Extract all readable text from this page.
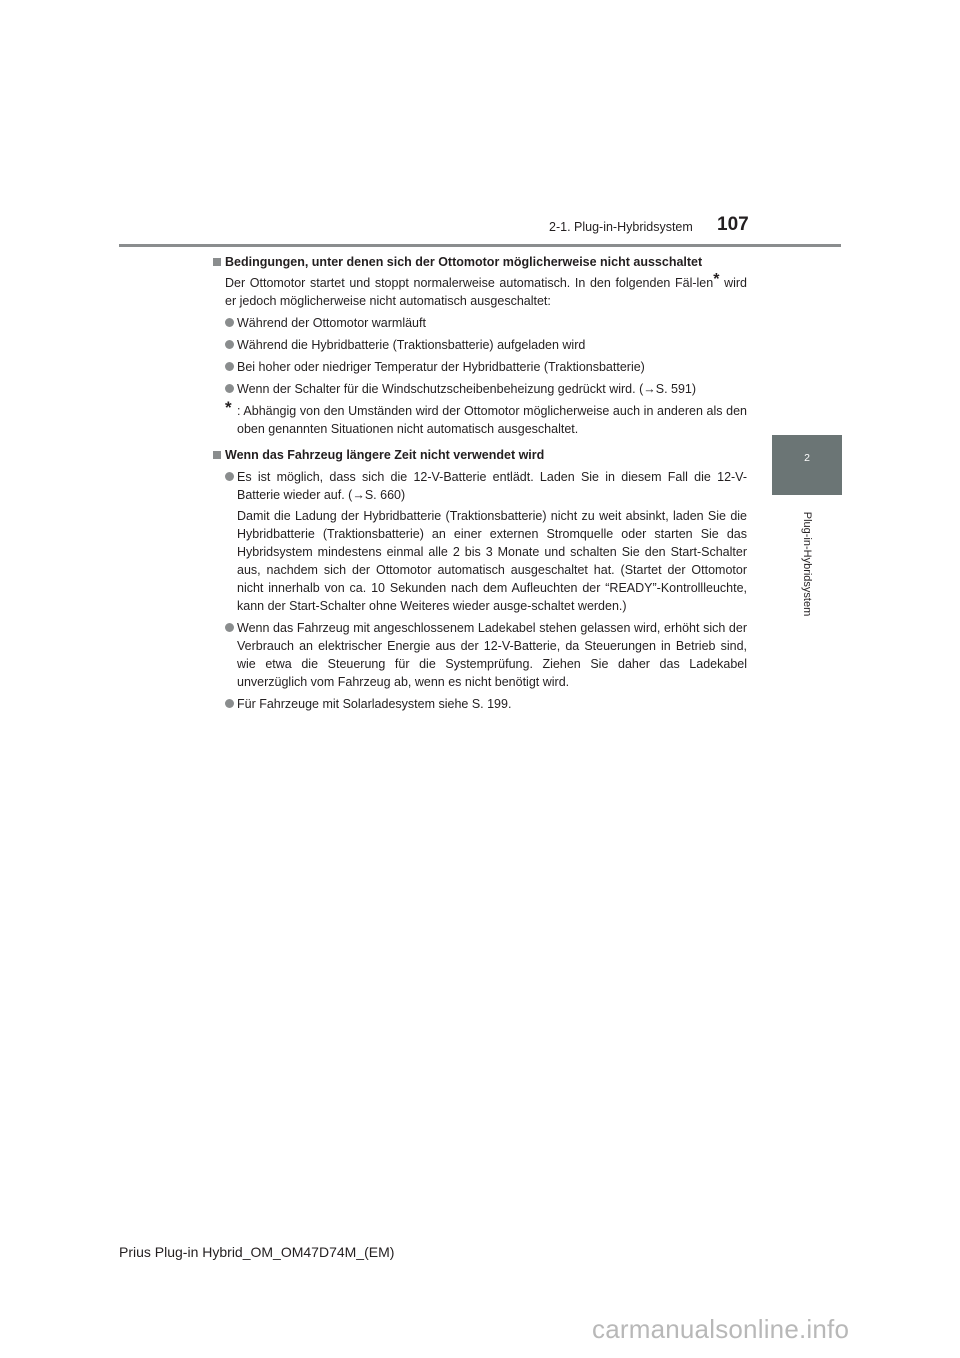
2-1. Plug-in-Hybridsystem 107
2
Plug-in-Hybridsystem
Bedingungen, unter denen sich der Ottomotor möglicherweise nicht ausschaltet
Der Ottomotor startet und stoppt normalerweise automatisch. In den folgenden Fäl-len* wird er jedoch möglicherweise nicht automatisch ausgeschaltet:
Während der Ottomotor warmläuft
Während die Hybridbatterie (Traktionsbatterie) aufgeladen wird
Bei hoher oder niedriger Temperatur der Hybridbatterie (Traktionsbatterie)
Wenn der Schalter für die Windschutzscheibenbeheizung gedrückt wird. (→S. 591)
* : Abhängig von den Umständen wird der Ottomotor möglicherweise auch in anderen als den oben genannten Situationen nicht automatisch ausgeschaltet.
Wenn das Fahrzeug längere Zeit nicht verwendet wird
Es ist möglich, dass sich die 12-V-Batterie entlädt. Laden Sie in diesem Fall die 12-V-Batterie wieder auf. (→S. 660)
Damit die Ladung der Hybridbatterie (Traktionsbatterie) nicht zu weit absinkt, laden Sie die Hybridbatterie (Traktionsbatterie) an einer externen Stromquelle oder starten Sie das Hybridsystem mindestens einmal alle 2 bis 3 Monate und schalten Sie den Start-Schalter aus, nachdem sich der Ottomotor automatisch ausgeschaltet hat. (Startet der Ottomotor nicht innerhalb von ca. 10 Sekunden nach dem Aufleuchten der “READY”-Kontrollleuchte, kann der Start-Schalter ohne Weiteres wieder ausge-schaltet werden.)
Wenn das Fahrzeug mit angeschlossenem Ladekabel stehen gelassen wird, erhöht sich der Verbrauch an elektrischer Energie aus der 12-V-Batterie, da Steuerungen in Betrieb sind, wie etwa die Steuerung für die Systemprüfung. Ziehen Sie daher das Ladekabel unverzüglich vom Fahrzeug ab, wenn es nicht benötigt wird.
Für Fahrzeuge mit Solarladesystem siehe S. 199.
Prius Plug-in Hybrid_OM_OM47D74M_(EM)
carmanualsonline.info
